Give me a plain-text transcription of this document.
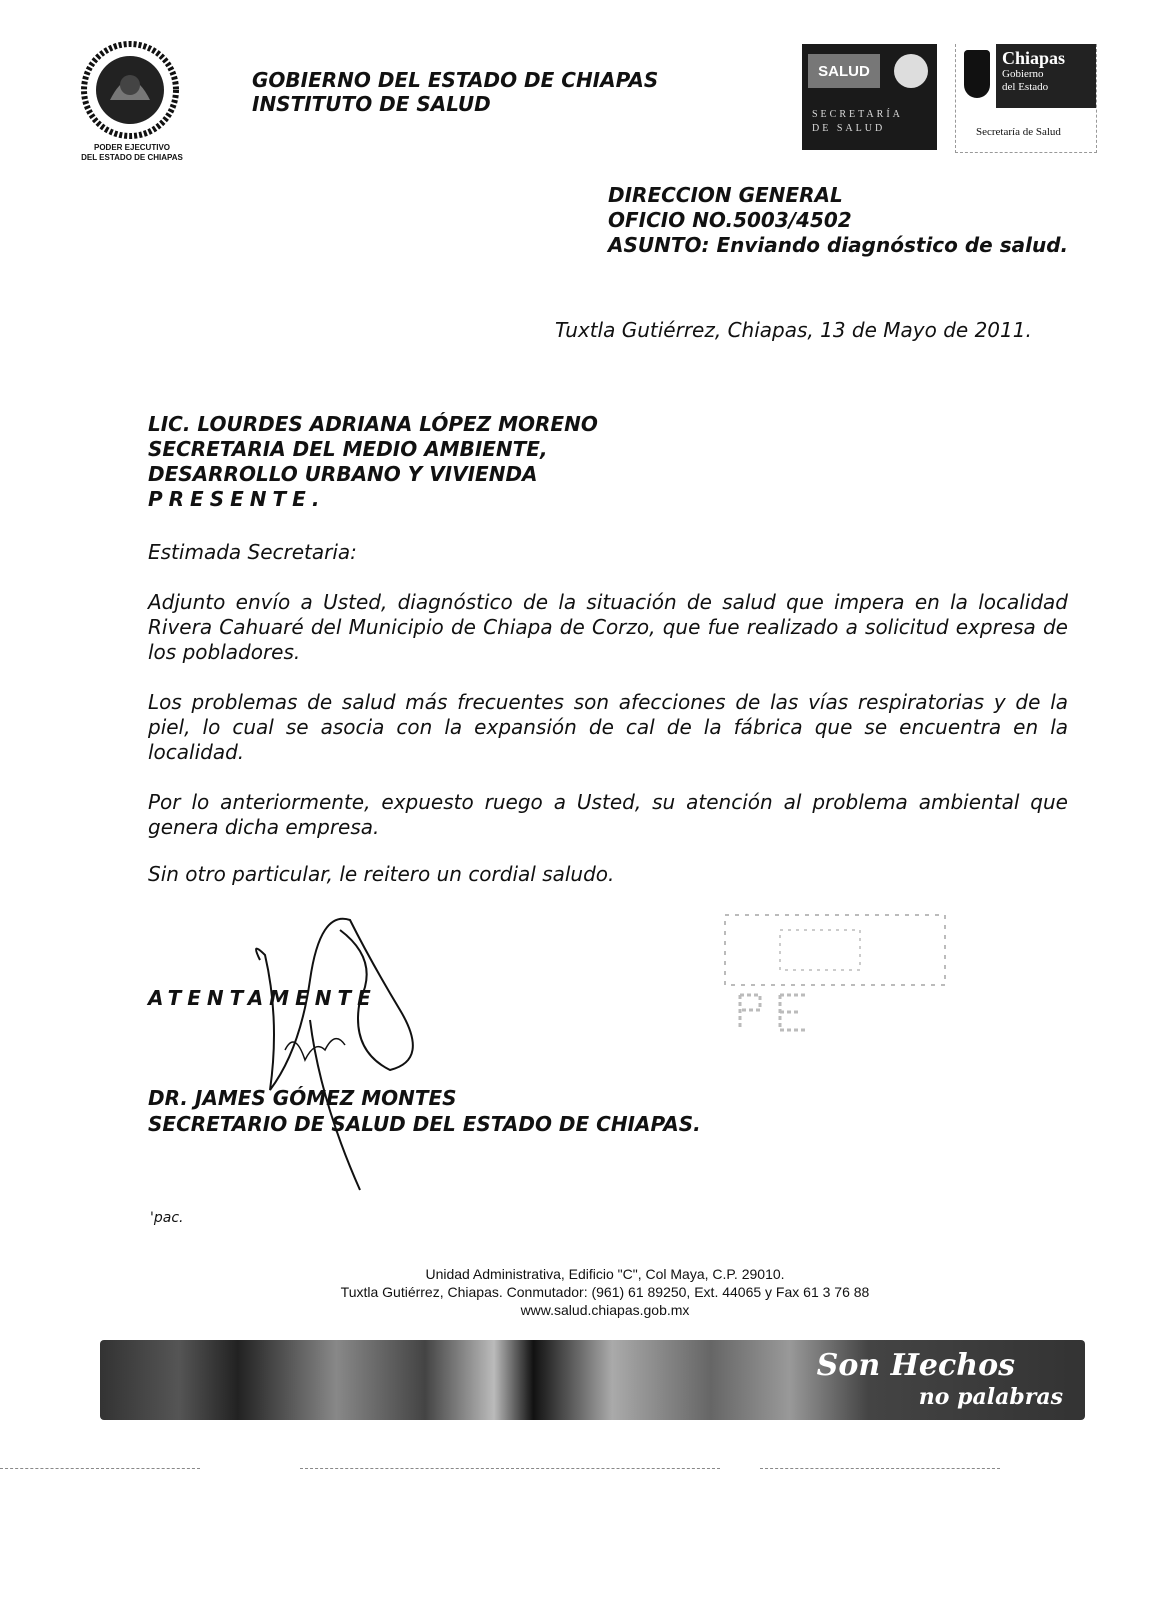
PODER EJECUTIVO
DEL ESTADO DE CHIAPAS
GOBIERNO DEL ESTADO DE CHIAPAS
INSTITUTO DE SALUD
SALUD
SECRETARÍA
DE SALUD
Chiapas
Gobierno
del Estado
Secretaría de Salud
DIRECCION GENERAL
OFICIO NO.5003/4502
ASUNTO: Enviando diagnóstico de salud.
Tuxtla Gutiérrez, Chiapas, 13 de Mayo de 2011.
LIC. LOURDES ADRIANA LÓPEZ MORENO
SECRETARIA DEL MEDIO AMBIENTE,
DESARROLLO URBANO Y VIVIENDA
PRESENTE.
Estimada Secretaria:
Adjunto envío a Usted, diagnóstico de la situación de salud que impera en la localidad Rivera Cahuaré del Municipio de Chiapa de Corzo, que fue realizado a solicitud expresa de los pobladores.
Los problemas de salud más frecuentes son afecciones de las vías respiratorias y de la piel, lo cual se asocia con la expansión de cal de la fábrica que se encuentra en la localidad.
Por lo anteriormente, expuesto ruego a Usted, su atención al problema ambiental que genera dicha empresa.
Sin otro particular, le reitero un cordial saludo.
ATENTAMENTE
DR. JAMES GÓMEZ MONTES
SECRETARIO DE SALUD DEL ESTADO DE CHIAPAS.
'pac.
Unidad Administrativa, Edificio "C", Col Maya, C.P. 29010.
Tuxtla Gutiérrez, Chiapas. Conmutador: (961) 61 89250, Ext. 44065 y Fax 61 3 76 88
www.salud.chiapas.gob.mx
Son Hechos
no palabras
